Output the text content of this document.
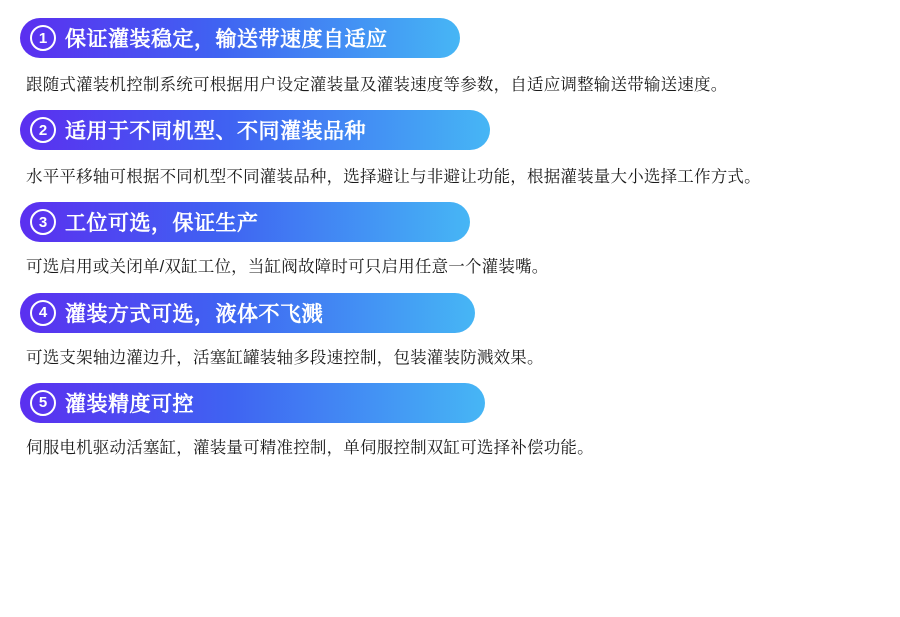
1 保证灌装稳定，输送带速度自适应

跟随式灌装机控制系统可根据用户设定灌装量及灌装速度等参数，自适应调整输送带输送速度。

2 适用于不同机型、不同灌装品种

水平平移轴可根据不同机型不同灌装品种，选择避让与非避让功能，根据灌装量大小选择工作方式。

3 工位可选，保证生产

可选启用或关闭单/双缸工位，当缸阀故障时可只启用任意一个灌装嘴。

4 灌装方式可选，液体不飞溅

可选支架轴边灌边升，活塞缸罐装轴多段速控制，包装灌装防溅效果。

5 灌装精度可控

伺服电机驱动活塞缸，灌装量可精准控制，单伺服控制双缸可选择补偿功能。
